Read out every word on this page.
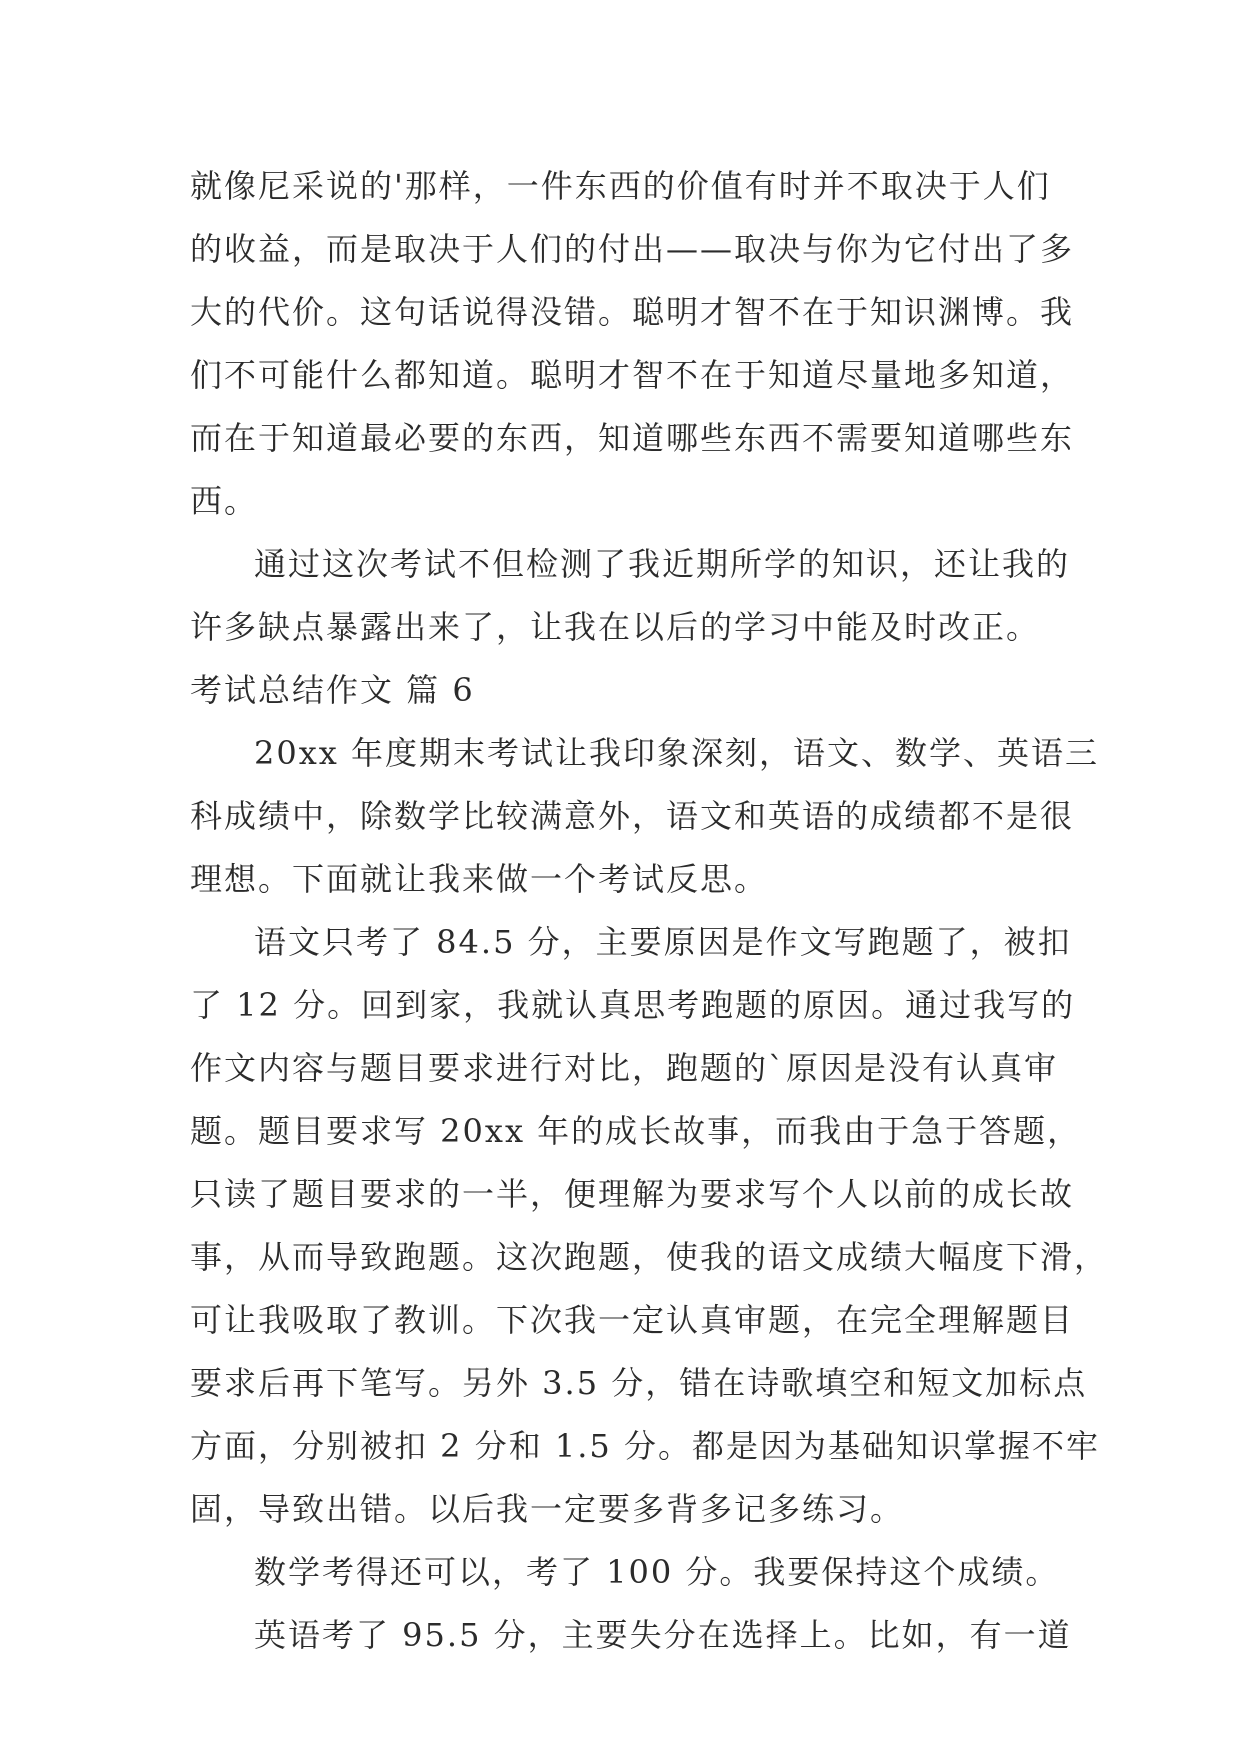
就像尼采说的'那样，一件东西的价值有时并不取决于人们
的收益，而是取决于人们的付出——取决与你为它付出了多
大的代价。这句话说得没错。聪明才智不在于知识渊博。我
们不可能什么都知道。聪明才智不在于知道尽量地多知道，
而在于知道最必要的东西，知道哪些东西不需要知道哪些东
西。
通过这次考试不但检测了我近期所学的知识，还让我的
许多缺点暴露出来了，让我在以后的学习中能及时改正。
考试总结作文 篇 6
20xx 年度期末考试让我印象深刻，语文、数学、英语三
科成绩中，除数学比较满意外，语文和英语的成绩都不是很
理想。下面就让我来做一个考试反思。
语文只考了 84.5 分，主要原因是作文写跑题了，被扣
了 12 分。回到家，我就认真思考跑题的原因。通过我写的
作文内容与题目要求进行对比，跑题的`原因是没有认真审
题。题目要求写 20xx 年的成长故事，而我由于急于答题，
只读了题目要求的一半，便理解为要求写个人以前的成长故
事，从而导致跑题。这次跑题，使我的语文成绩大幅度下滑，
可让我吸取了教训。下次我一定认真审题，在完全理解题目
要求后再下笔写。另外 3.5 分，错在诗歌填空和短文加标点
方面，分别被扣 2 分和 1.5 分。都是因为基础知识掌握不牢
固，导致出错。以后我一定要多背多记多练习。
数学考得还可以，考了 100 分。我要保持这个成绩。
英语考了 95.5 分，主要失分在选择上。比如，有一道
